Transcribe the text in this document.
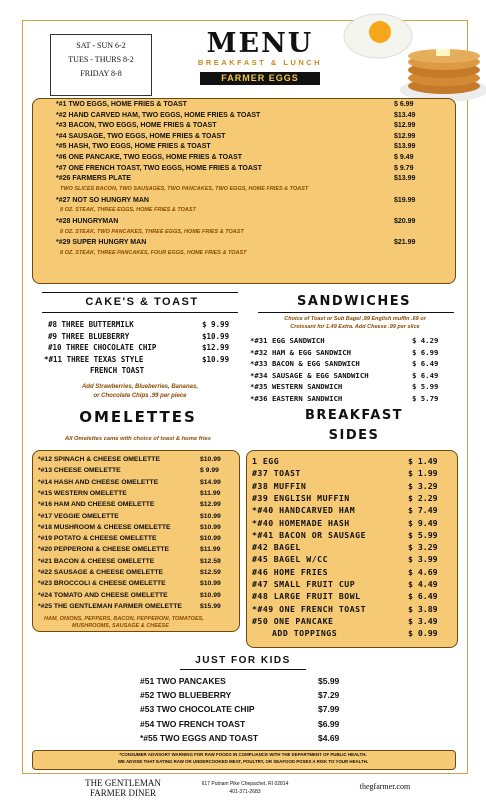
SAT - SUN 6-2
TUES - THURS 8-2
FRIDAY 8-8
MENU
BREAKFAST & LUNCH
FARMER EGGS
CAKE'S & TOAST
Add Strawberries, Blueberries, Bananas,
or Chocolate Chips .99 per piece
SANDWICHES
Choice of Toast or Sub Bagel .99 English muffin .69 or
Croissant for 1.49 Extra. Add Cheese .99 per slice
OMELETTES
All Omelettes came with choice of toast & home fries
HAM, ONIONS, PEPPERS, BACON, PEPPERONI, TOMATOES,
MUSHROOMS, SAUSAGE & CHEESE
BREAKFAST
SIDES
JUST FOR KIDS
*CONSUMER ADVISORY WARNING FOR RAW FOODS IN COMPLIANCE WITH THE DEPARTMENT OF PUBLIC HEALTH.
WE ADVISE THAT EATING RAW OR UNDERCOOKED MEAT, POULTRY, OR SEAFOOD POSES A RISK TO YOUR HEALTH.
THE GENTLEMAN
FARMER DINER
617 Putnam Pike Chepachet, RI 02814
401-371-2683
thegfarmer.com
*#1 TWO EGGS, HOME FRIES & TOAST	$ 6.99
*#2 HAND CARVED HAM, TWO EGGS, HOME FRIES & TOAST	$13.49
*#3 BACON, TWO EGGS, HOME FRIES & TOAST	$12.99
*#4 SAUSAGE, TWO EGGS, HOME FRIES & TOAST	$12.99
*#5 HASH, TWO EGGS, HOME FRIES & TOAST	$13.99
*#6 ONE PANCAKE, TWO EGGS, HOME FRIES & TOAST	$ 9.49
*#7 ONE FRENCH TOAST, TWO EGGS, HOME FRIES & TOAST	$ 9.79
*#26 FARMERS PLATE	$13.99
TWO SLICES BACON, TWO SAUSAGES, TWO PANCAKES, TWO EGGS, HOME FRIES & TOAST
*#27 NOT SO HUNGRY MAN	$19.99
8 OZ. STEAK, THREE EGGS, HOME FRIES & TOAST
*#28 HUNGRYMAN	$20.99
8 OZ. STEAK, TWO PANCAKES, THREE EGGS, HOME FRIES & TOAST
*#29 SUPER HUNGRY MAN	$21.99
8 OZ. STEAK, THREE PANCAKES, FOUR EGGS, HOME FRIES & TOAST
#8 THREE BUTTERMILK	$ 9.99
#9 THREE BLUEBERRY	$10.99
#10 THREE CHOCOLATE CHIP	$12.99
*#11 THREE TEXAS STYLE	$10.99
FRENCH TOAST
*#31 EGG SANDWICH	$ 4.29
*#32 HAM & EGG SANDWICH	$ 6.99
*#33 BACON & EGG SANDWICH	$ 6.49
*#34 SAUSAGE & EGG SANDWICH	$ 6.49
*#35 WESTERN SANDWICH	$ 5.99
*#36 EASTERN SANDWICH	$ 5.79
*#12 SPINACH & CHEESE OMELETTE	$10.99
*#13 CHEESE OMELETTE	$ 9.99
*#14 HASH AND CHEESE OMELETTE	$14.99
*#15 WESTERN OMELETTE	$11.99
*#16 HAM AND CHEESE OMELETTE	$12.99
*#17 VEGGIE OMELETTE	$10.99
*#18 MUSHROOM & CHEESE OMELETTE	$10.99
*#19 POTATO & CHEESE OMELETTE	$10.99
*#20 PEPPERONI & CHEESE OMELETTE	$11.99
*#21 BACON & CHEESE OMELETTE	$12.59
*#22 SAUSAGE & CHEESE OMELETTE	$12.59
*#23 BROCCOLI & CHEESE OMELETTE	$10.99
*#24 TOMATO AND CHEESE OMELETTE	$10.99
*#25 THE GENTLEMAN FARMER OMELETTE	$15.99
1 EGG	$ 1.49
#37 TOAST	$ 1.99
#38 MUFFIN	$ 3.29
#39 ENGLISH MUFFIN	$ 2.29
*#40 HANDCARVED HAM	$ 7.49
*#40 HOMEMADE HASH	$ 9.49
*#41 BACON OR SAUSAGE	$ 5.99
#42 BAGEL	$ 3.29
#45 BAGEL W/CC	$ 3.99
#46 HOME FRIES	$ 4.69
#47 SMALL FRUIT CUP	$ 4.49
#48 LARGE FRUIT BOWL	$ 6.49
*#49 ONE FRENCH TOAST	$ 3.89
#50 ONE PANCAKE	$ 3.49
ADD TOPPINGS	$ 0.99
#51 TWO PANCAKES	$5.99
#52 TWO BLUEBERRY	$7.29
#53 TWO CHOCOLATE CHIP	$7.99
#54 TWO FRENCH TOAST	$6.99
*#55 TWO EGGS AND TOAST	$4.69
